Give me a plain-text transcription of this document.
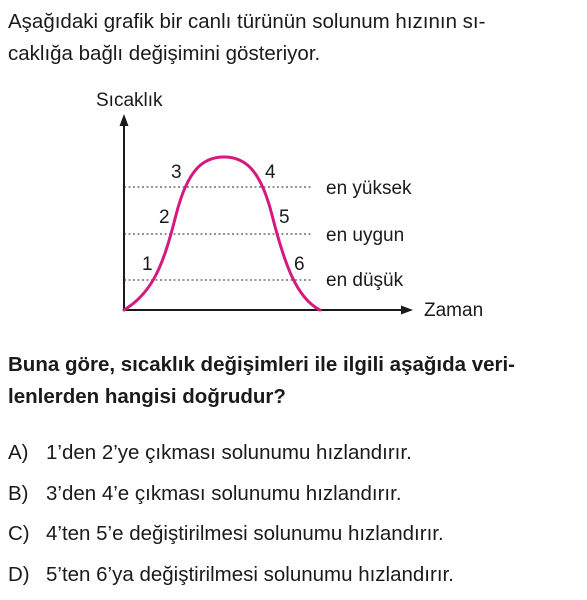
Aşağıdaki grafik bir canlı türünün solunum hızının sı-
caklığa bağlı değişimini gösteriyor.
Sıcaklık
Zaman
en yüksek
en uygun
en düşük
1
2
3	4
5
6
Buna göre, sıcaklık değişimleri ile ilgili aşağıda veri-
lenlerden hangisi doğrudur?
A) 1’den 2’ye çıkması solunumu hızlandırır.
B) 3’den 4’e çıkması solunumu hızlandırır.
C) 4’ten 5’e değiştirilmesi solunumu hızlandırır.
D) 5’ten 6’ya değiştirilmesi solunumu hızlandırır.
